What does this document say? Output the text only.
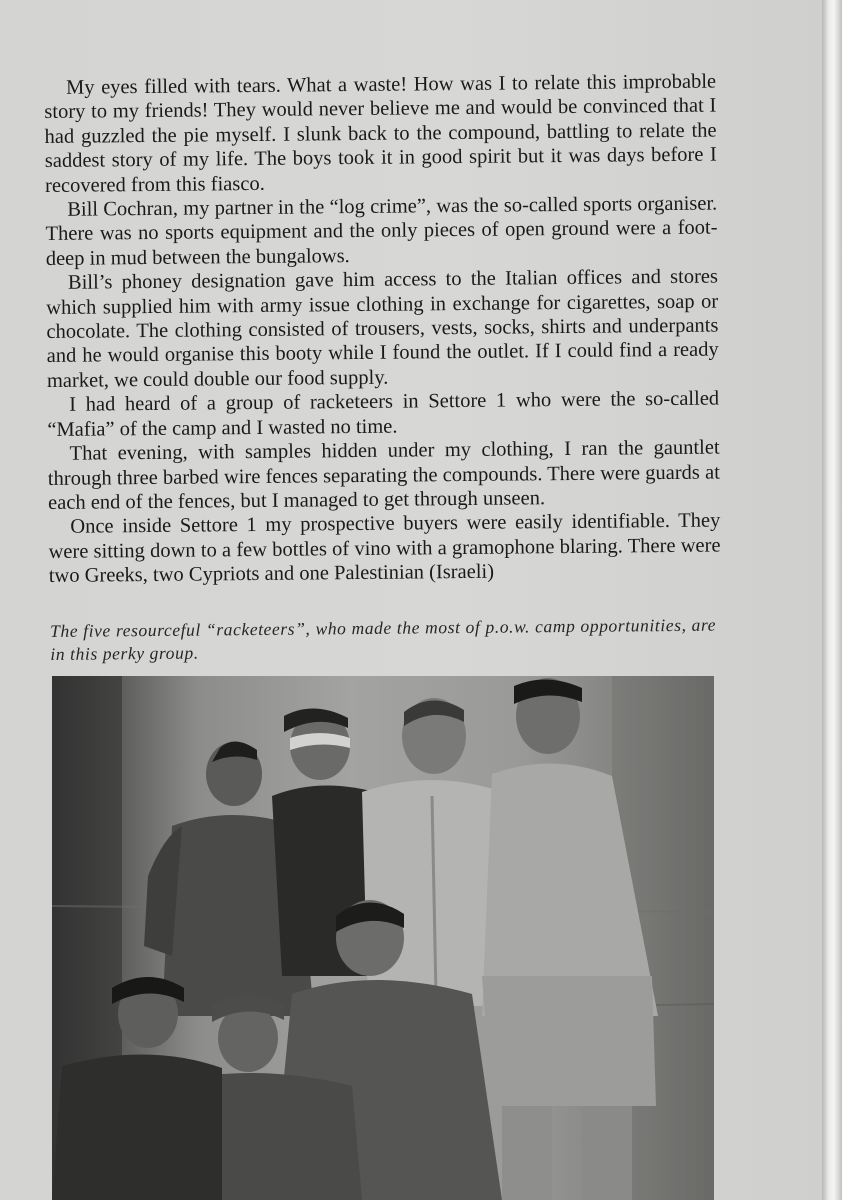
My eyes filled with tears. What a waste! How was I to relate this improbable story to my friends! They would never believe me and would be convinced that I had guzzled the pie myself. I slunk back to the compound, battling to relate the saddest story of my life. The boys took it in good spirit but it was days before I recovered from this fiasco.

Bill Cochran, my partner in the “log crime”, was the so-called sports organiser. There was no sports equipment and the only pieces of open ground were a foot-deep in mud between the bungalows.

Bill’s phoney designation gave him access to the Italian offices and stores which supplied him with army issue clothing in exchange for cigarettes, soap or chocolate. The clothing consisted of trousers, vests, socks, shirts and underpants and he would organise this booty while I found the outlet. If I could find a ready market, we could double our food supply.

I had heard of a group of racketeers in Settore 1 who were the so-called “Mafia” of the camp and I wasted no time.

That evening, with samples hidden under my clothing, I ran the gauntlet through three barbed wire fences separating the compounds. There were guards at each end of the fences, but I managed to get through unseen.

Once inside Settore 1 my prospective buyers were easily identifiable. They were sitting down to a few bottles of vino with a gramophone blaring. There were two Greeks, two Cypriots and one Palestinian (Israeli)

The five resourceful “racketeers”, who made the most of p.o.w. camp opportunities, are in this perky group.
